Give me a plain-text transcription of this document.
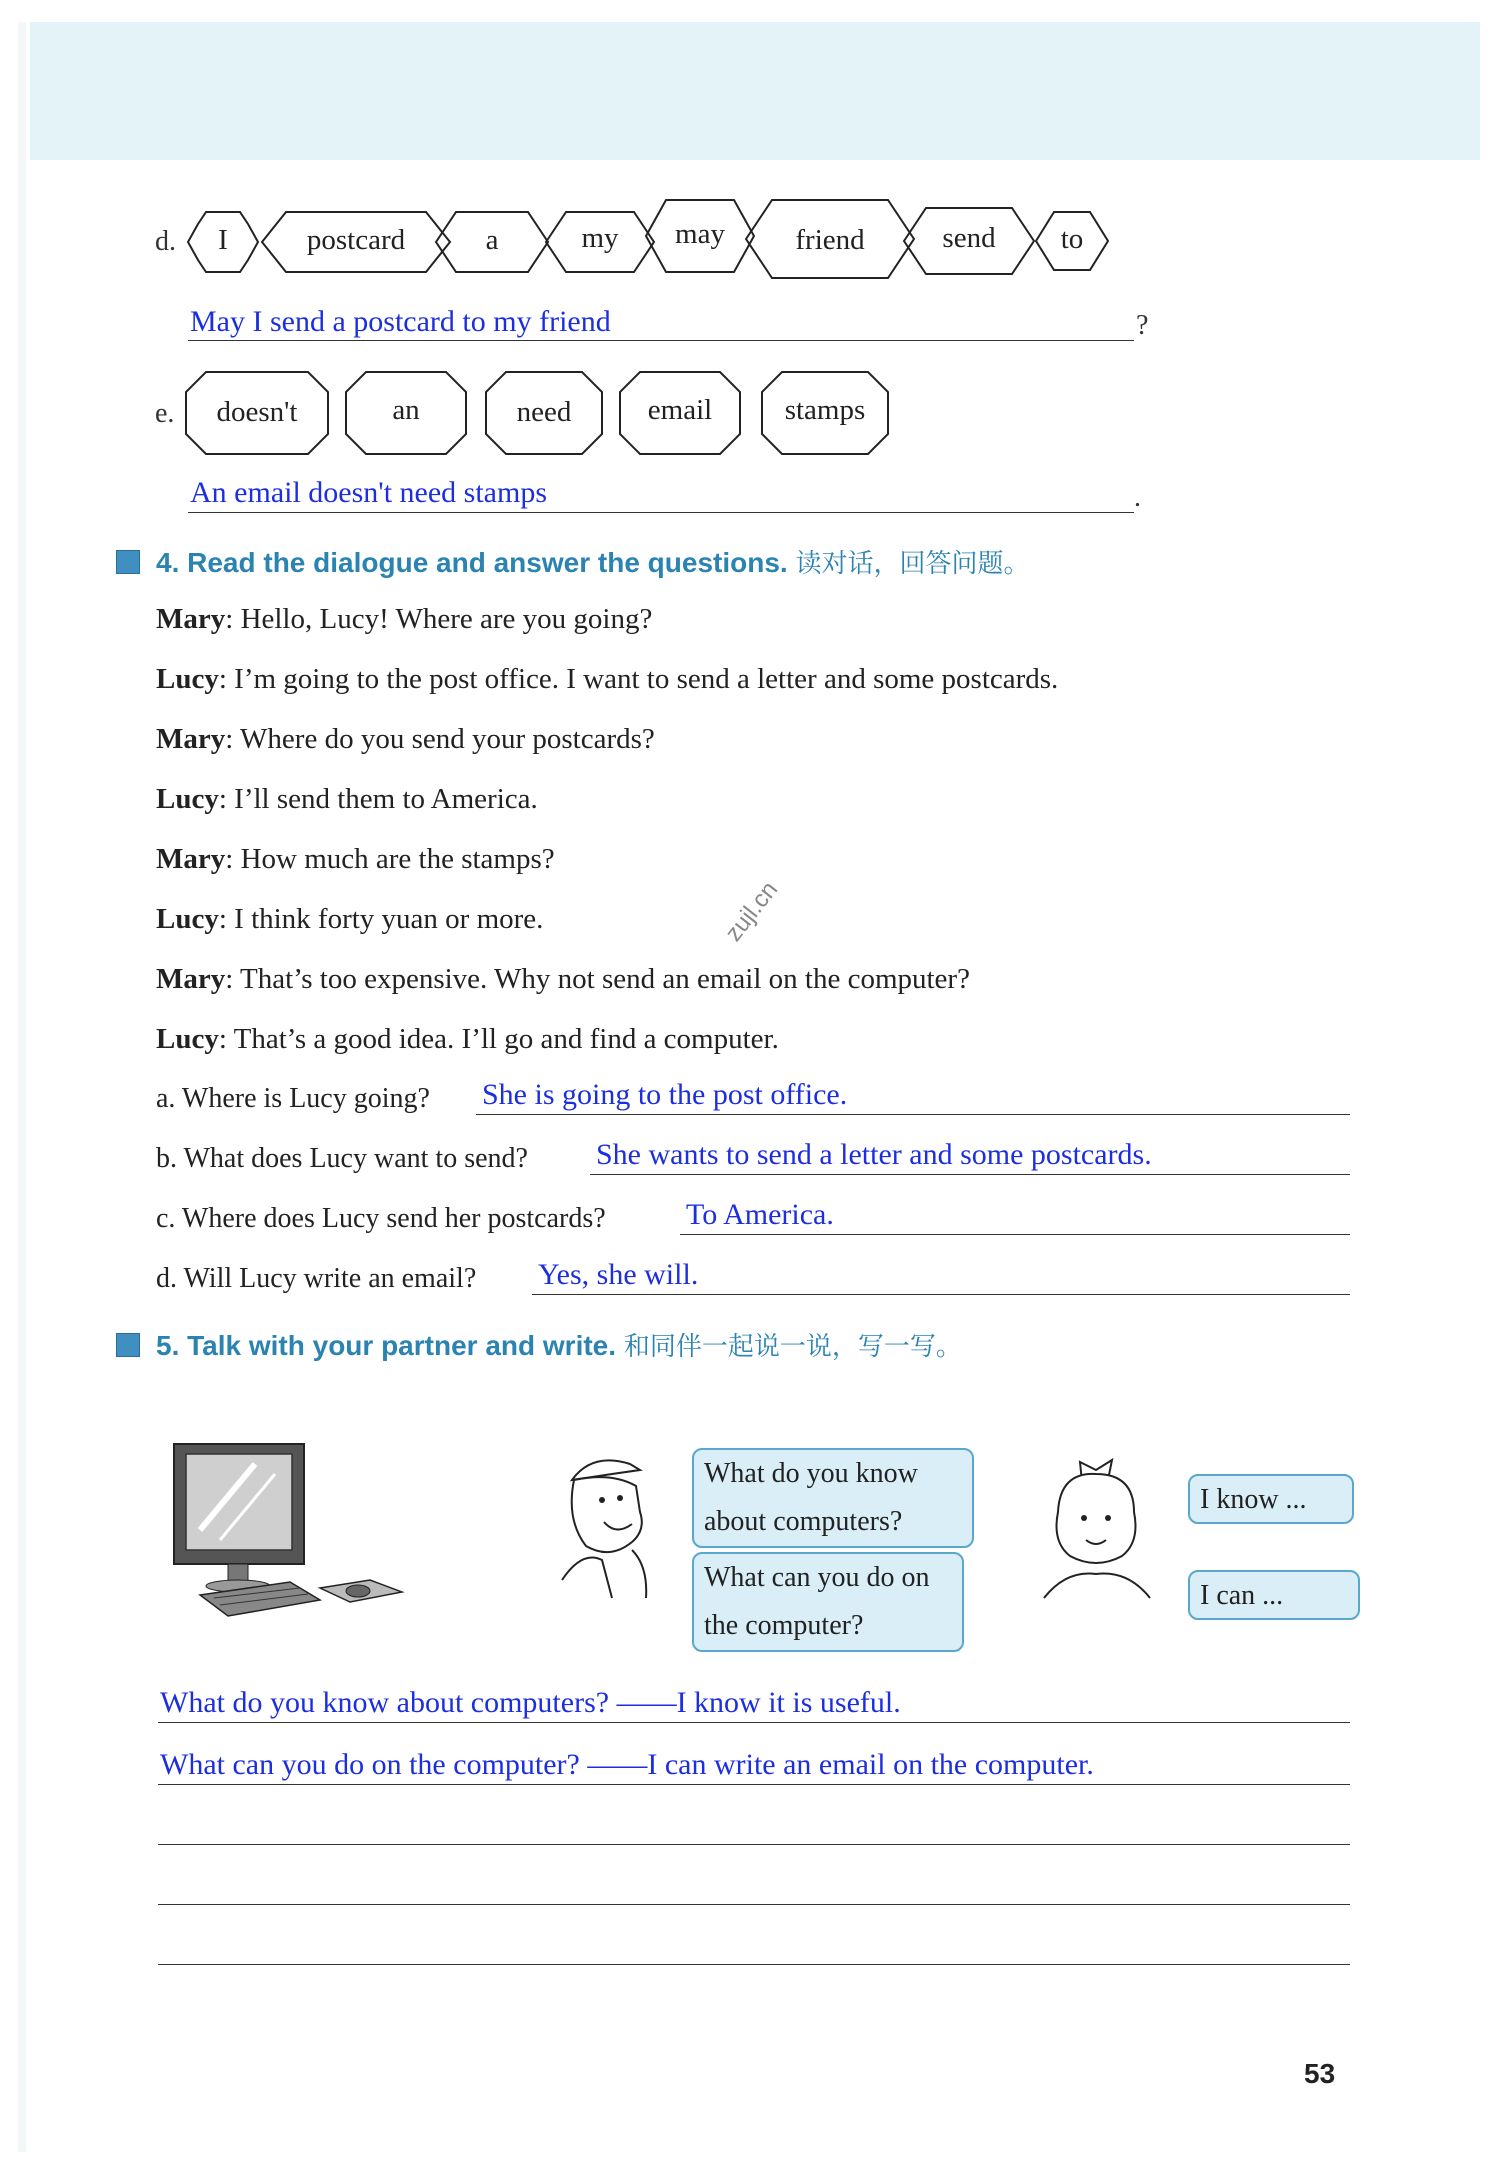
d.	I	postcard	a	my	may	friend	send	to
May I send a postcard to my friend	?
e.	doesn't	an	need	email	stamps
An email doesn't need stamps	.
4. Read the dialogue and answer the questions. 读对话，回答问题。
Mary: Hello, Lucy! Where are you going?
Lucy: I’m going to the post office. I want to send a letter and some postcards.
Mary: Where do you send your postcards?
Lucy: I’ll send them to America.
Mary: How much are the stamps?
Lucy: I think forty yuan or more.
Mary: That’s too expensive. Why not send an email on the computer?
Lucy: That’s a good idea. I’ll go and find a computer.
zujl.cn
a. Where is Lucy going? She is going to the post office.
b. What does Lucy want to send? She wants to send a letter and some postcards.
c. Where does Lucy send her postcards?	To America.
d. Will Lucy write an email? Yes, she will.
5. Talk with your partner and write. 和同伴一起说一说，写一写。
What do you know about computers?
What can you do on the computer?
I know ...
I can ...
What do you know about computers? ——I know it is useful.
What can you do on the computer? ——I can write an email on the computer.
53
